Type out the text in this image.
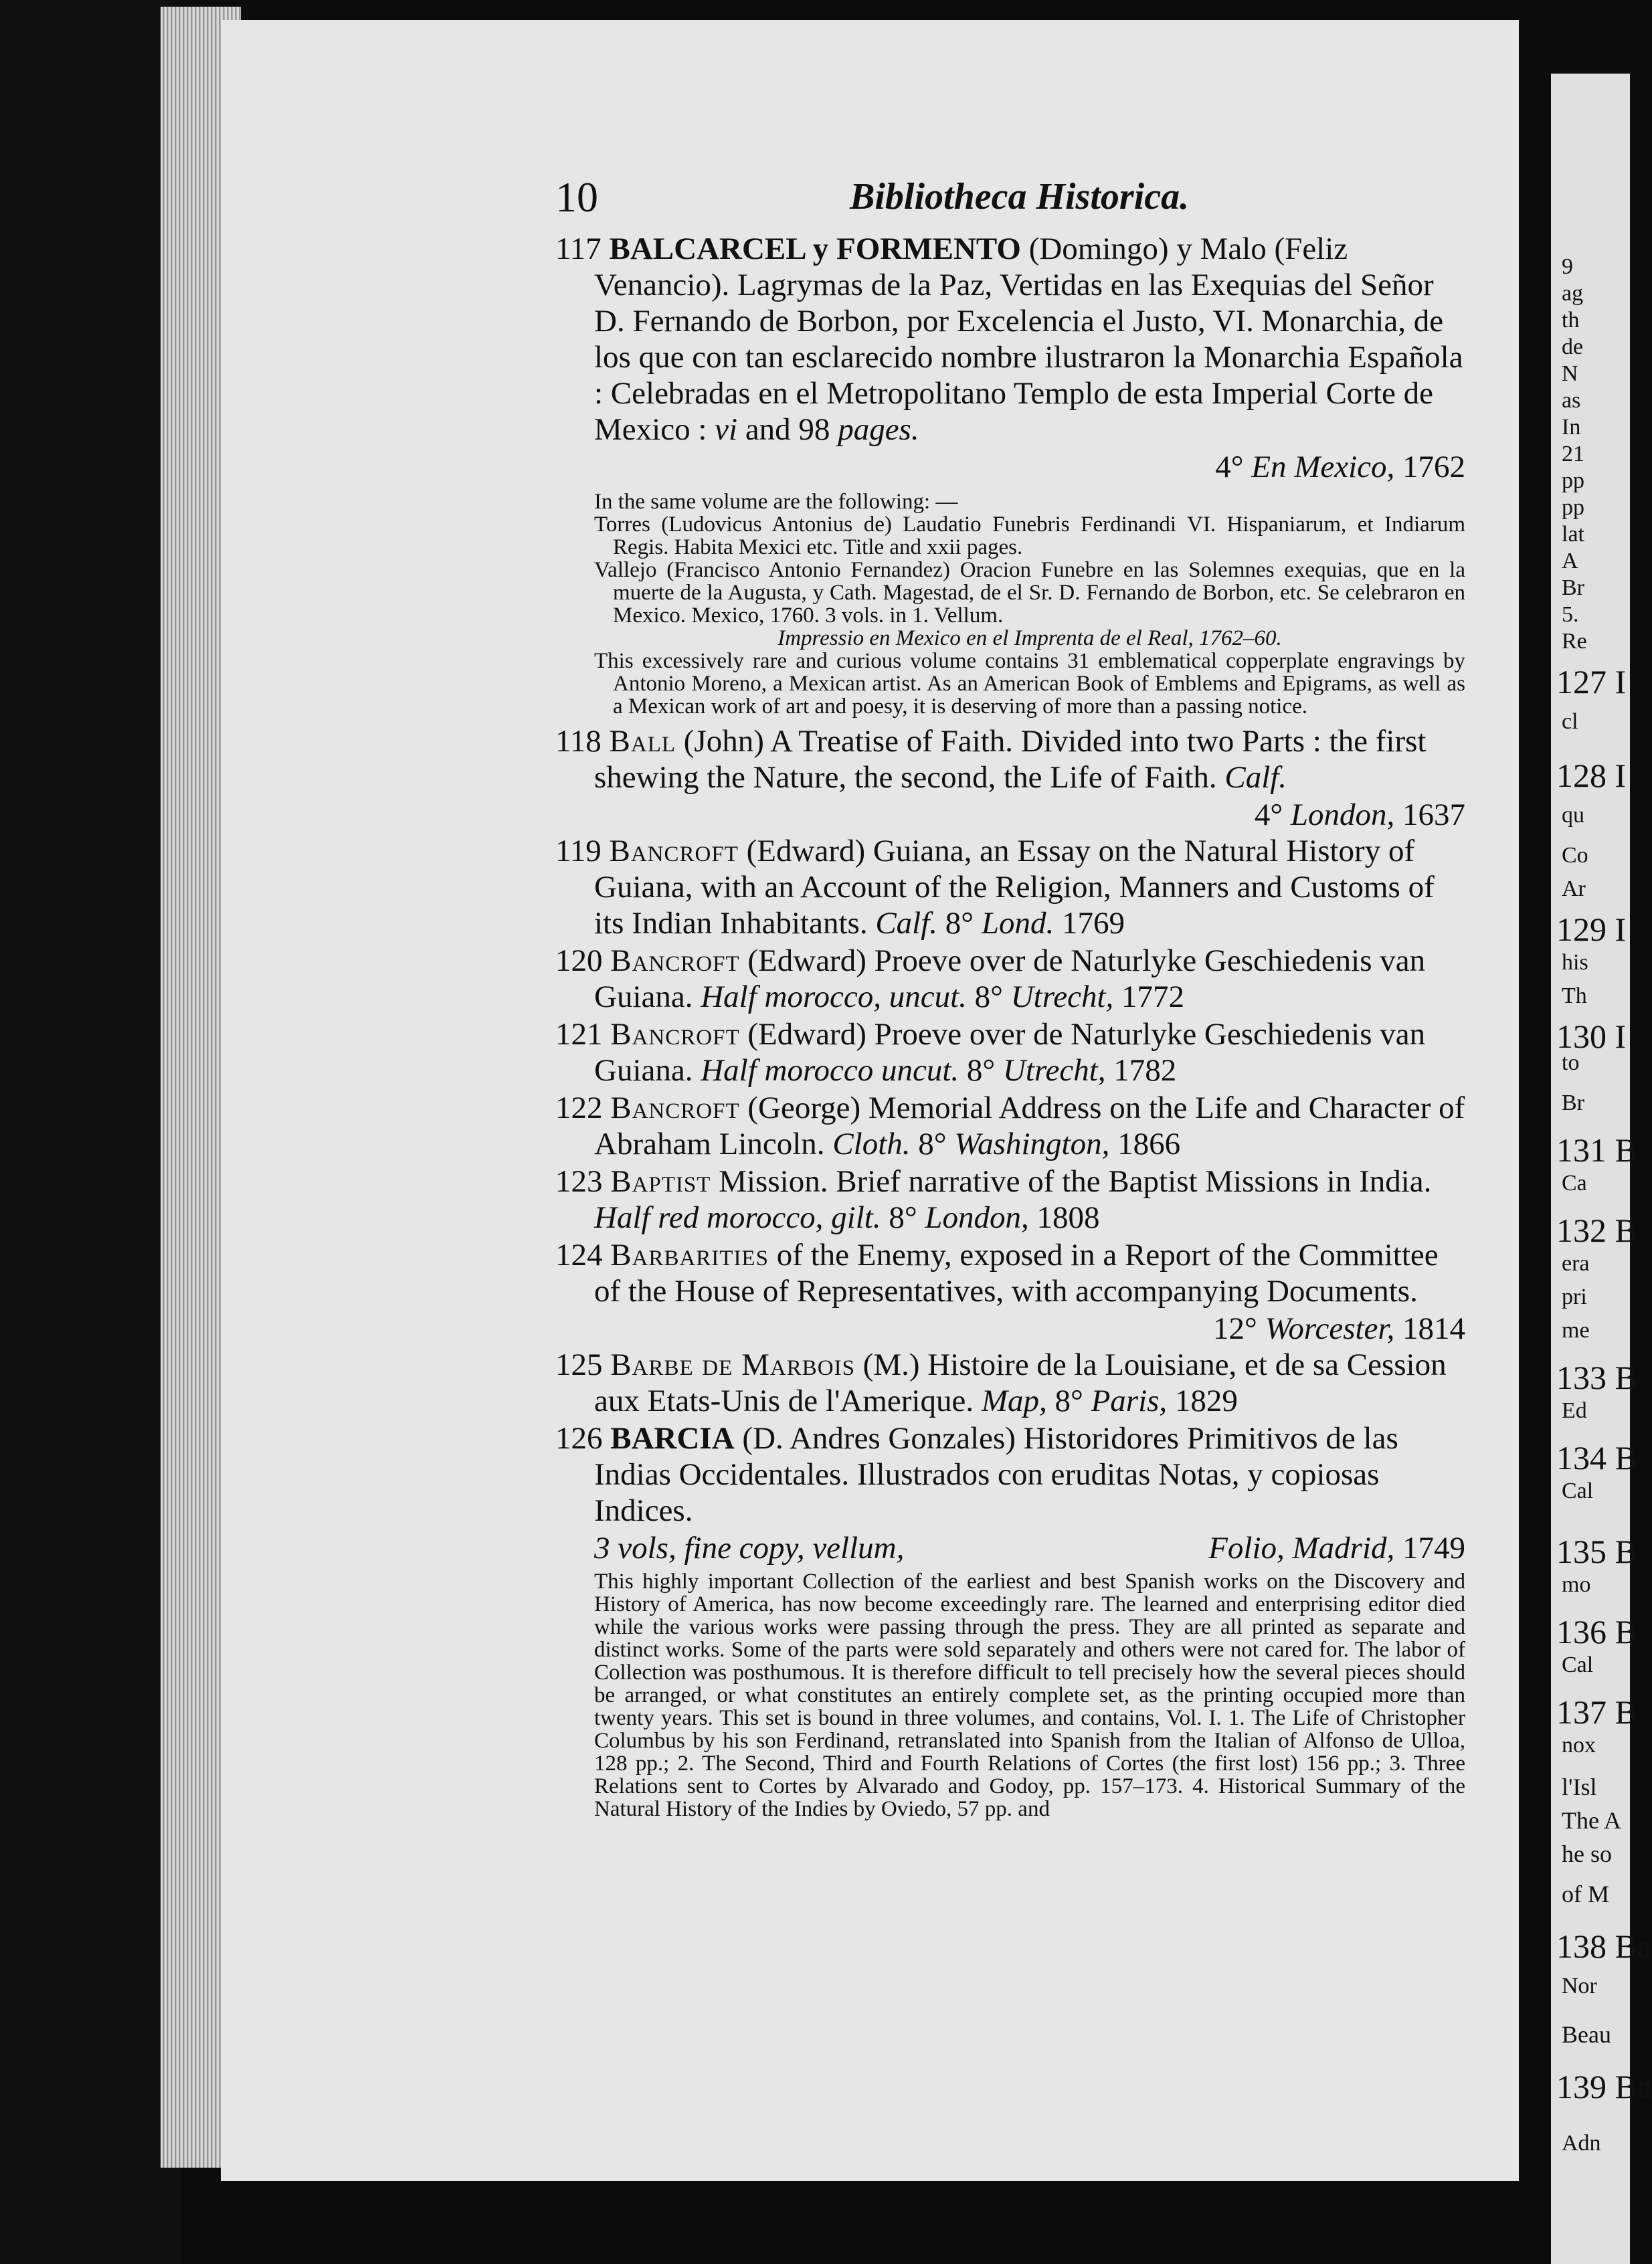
9
ag
th
de
N
as
In
21
pp
pp
lat
A
Br
5.
Re
127 I
cl
128 I
qu
Co
Ar
129 I
his
Th
130 I
to
Br
131 B
Ca
132 B
era
pri
me
133 B
Ed
134 B
Cal
135 B
mo
136 B
Cal
137 B
nox
l'Isl
The A
he so
of M
138 Ba
Nor
Beau
139 Ba
Adn
10	Bibliotheca Historica.
117 BALCARCEL y FORMENTO (Domingo) y Malo (Feliz Venancio). Lagrymas de la Paz, Vertidas en las Exequias del Señor D. Fernando de Borbon, por Excelencia el Justo, VI. Monarchia, de los que con tan esclarecido nombre ilustraron la Monarchia Española : Celebradas en el Metropolitano Templo de esta Imperial Corte de Mexico : vi and 98 pages.
4° En Mexico, 1762

In the same volume are the following: —

Torres (Ludovicus Antonius de) Laudatio Funebris Ferdinandi VI. Hispaniarum, et Indiarum Regis. Habita Mexici etc. Title and xxii pages.

Vallejo (Francisco Antonio Fernandez) Oracion Funebre en las Solemnes exequias, que en la muerte de la Augusta, y Cath. Magestad, de el Sr. D. Fernando de Borbon, etc. Se celebraron en Mexico. Mexico, 1760. 3 vols. in 1. Vellum.

Impressio en Mexico en el Imprenta de el Real, 1762–60.

This excessively rare and curious volume contains 31 emblematical copperplate engravings by Antonio Moreno, a Mexican artist. As an American Book of Emblems and Epigrams, as well as a Mexican work of art and poesy, it is deserving of more than a passing notice.

118 Ball (John) A Treatise of Faith. Divided into two Parts : the first shewing the Nature, the second, the Life of Faith. Calf.
4° London, 1637
119 Bancroft (Edward) Guiana, an Essay on the Natural History of Guiana, with an Account of the Religion, Manners and Customs of its Indian Inhabitants. Calf. 8° Lond. 1769
120 Bancroft (Edward) Proeve over de Naturlyke Geschiedenis van Guiana. Half morocco, uncut. 8° Utrecht, 1772
121 Bancroft (Edward) Proeve over de Naturlyke Geschiedenis van Guiana. Half morocco uncut. 8° Utrecht, 1782
122 Bancroft (George) Memorial Address on the Life and Character of Abraham Lincoln. Cloth. 8° Washington, 1866
123 Baptist Mission. Brief narrative of the Baptist Missions in India. Half red morocco, gilt. 8° London, 1808
124 Barbarities of the Enemy, exposed in a Report of the Committee of the House of Representatives, with accompanying Documents.
12° Worcester, 1814
125 Barbe de Marbois (M.) Histoire de la Louisiane, et de sa Cession aux Etats-Unis de l'Amerique. Map, 8° Paris, 1829
126 BARCIA (D. Andres Gonzales) Historidores Primitivos de las Indias Occidentales. Illustrados con eruditas Notas, y copiosas Indices.
3 vols, fine copy, vellum,	Folio, Madrid, 1749
This highly important Collection of the earliest and best Spanish works on the Discovery and History of America, has now become exceedingly rare. The learned and enterprising editor died while the various works were passing through the press. They are all printed as separate and distinct works. Some of the parts were sold separately and others were not cared for. The labor of Collection was posthumous. It is therefore difficult to tell precisely how the several pieces should be arranged, or what constitutes an entirely complete set, as the printing occupied more than twenty years. This set is bound in three volumes, and contains, Vol. I. 1. The Life of Christopher Columbus by his son Ferdinand, retranslated into Spanish from the Italian of Alfonso de Ulloa, 128 pp.; 2. The Second, Third and Fourth Relations of Cortes (the first lost) 156 pp.; 3. Three Relations sent to Cortes by Alvarado and Godoy, pp. 157–173. 4. Historical Summary of the Natural History of the Indies by Oviedo, 57 pp. and
